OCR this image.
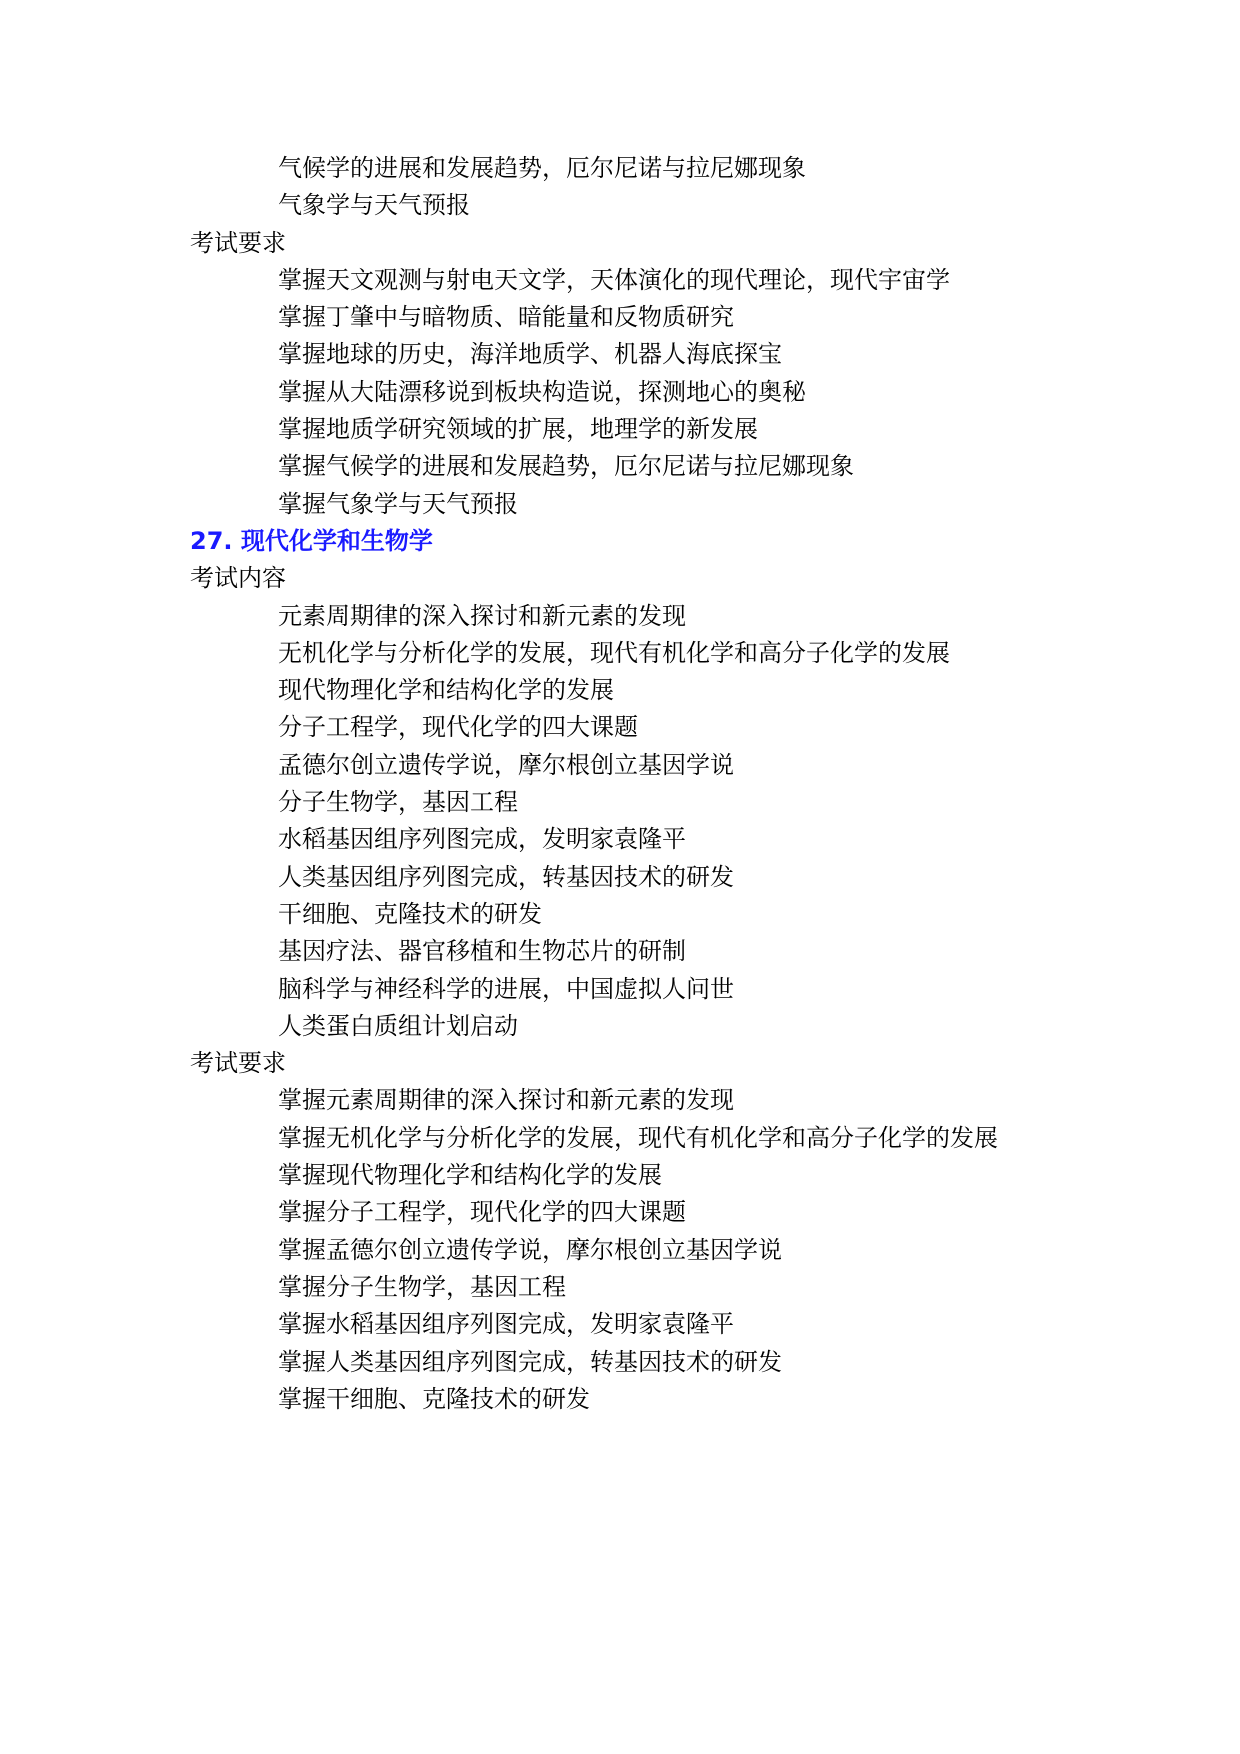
气候学的进展和发展趋势，厄尔尼诺与拉尼娜现象
气象学与天气预报
考试要求
掌握天文观测与射电天文学，天体演化的现代理论，现代宇宙学
掌握丁肇中与暗物质、暗能量和反物质研究
掌握地球的历史，海洋地质学、机器人海底探宝
掌握从大陆漂移说到板块构造说，探测地心的奥秘
掌握地质学研究领域的扩展，地理学的新发展
掌握气候学的进展和发展趋势，厄尔尼诺与拉尼娜现象
掌握气象学与天气预报
27. 现代化学和生物学
考试内容
元素周期律的深入探讨和新元素的发现
无机化学与分析化学的发展，现代有机化学和高分子化学的发展
现代物理化学和结构化学的发展
分子工程学，现代化学的四大课题
孟德尔创立遗传学说，摩尔根创立基因学说
分子生物学，基因工程
水稻基因组序列图完成，发明家袁隆平
人类基因组序列图完成，转基因技术的研发
干细胞、克隆技术的研发
基因疗法、器官移植和生物芯片的研制
脑科学与神经科学的进展，中国虚拟人问世
人类蛋白质组计划启动
考试要求
掌握元素周期律的深入探讨和新元素的发现
掌握无机化学与分析化学的发展，现代有机化学和高分子化学的发展
掌握现代物理化学和结构化学的发展
掌握分子工程学，现代化学的四大课题
掌握孟德尔创立遗传学说，摩尔根创立基因学说
掌握分子生物学，基因工程
掌握水稻基因组序列图完成，发明家袁隆平
掌握人类基因组序列图完成，转基因技术的研发
掌握干细胞、克隆技术的研发
